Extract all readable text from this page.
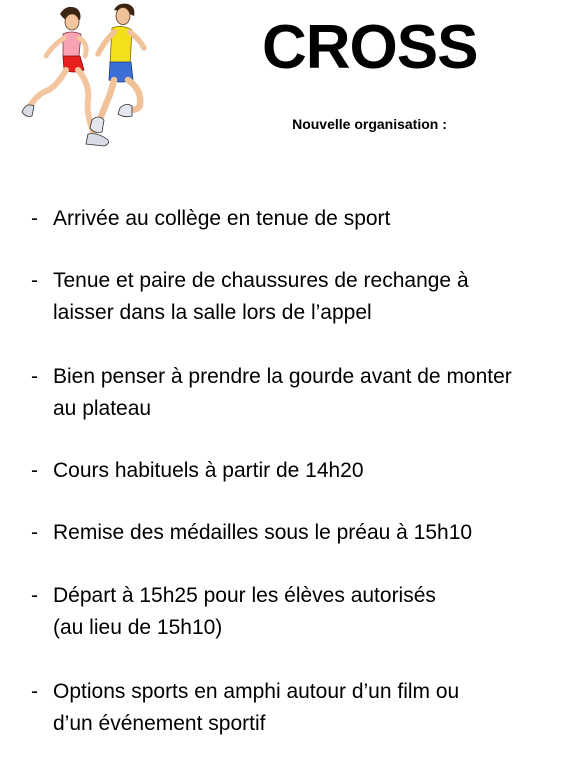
CROSS
Nouvelle organisation :
- Arrivée au collège en tenue de sport
- Tenue et paire de chaussures de rechange à
laisser dans la salle lors de l’appel
- Bien penser à prendre la gourde avant de monter
au plateau
- Cours habituels à partir de 14h20
- Remise des médailles sous le préau à 15h10
- Départ à 15h25 pour les élèves autorisés
(au lieu de 15h10)
- Options sports en amphi autour d’un film ou
d’un événement sportif
